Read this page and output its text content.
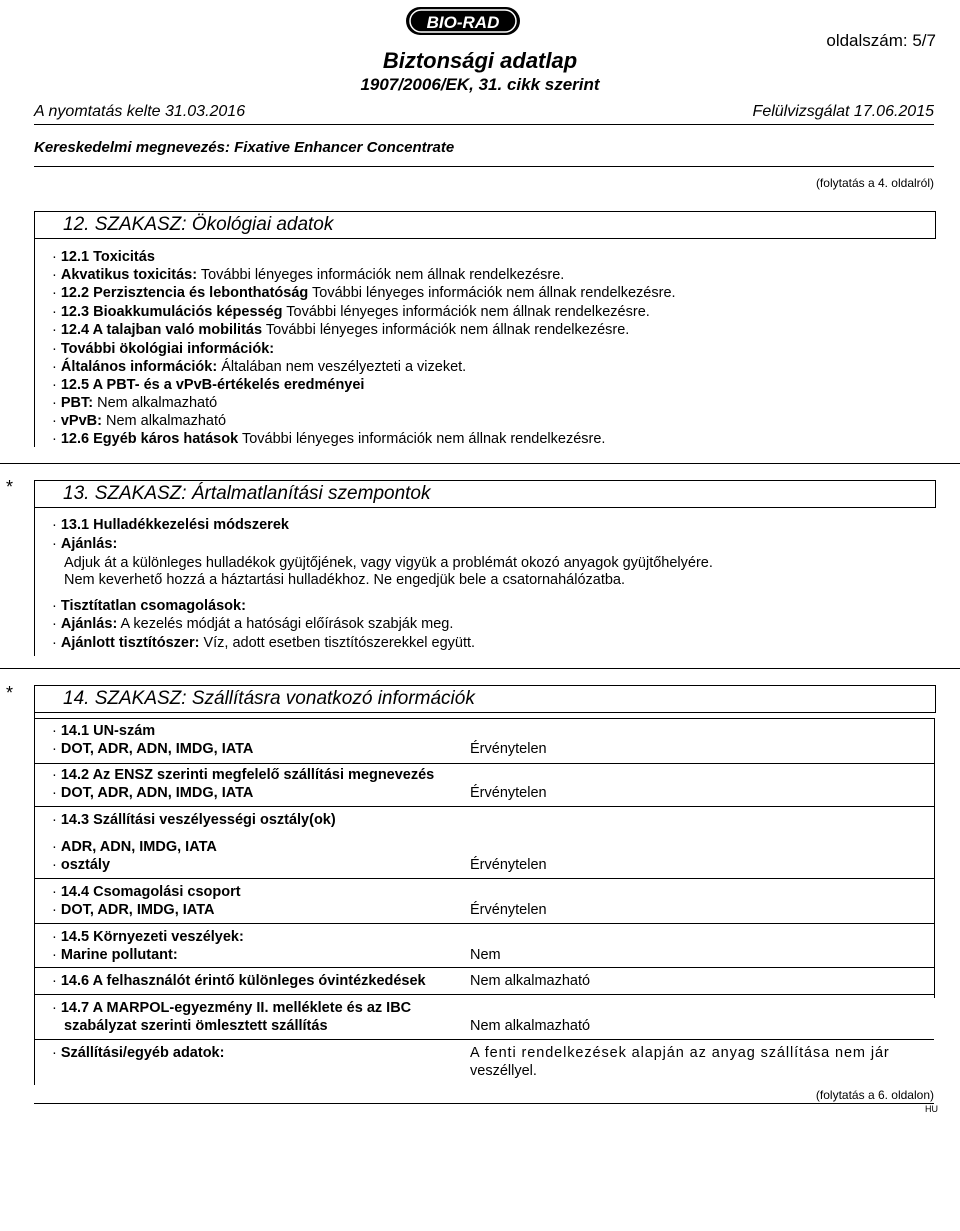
BIO-RAD
oldalszám: 5/7
Biztonsági adatlap
1907/2006/EK, 31. cikk szerint
A nyomtatás kelte 31.03.2016	Felülvizsgálat 17.06.2015
Kereskedelmi megnevezés: Fixative Enhancer Concentrate
(folytatás a 4. oldalról)
12. SZAKASZ: Ökológiai adatok
· 12.1 Toxicitás
· Akvatikus toxicitás: További lényeges információk nem állnak rendelkezésre.
· 12.2 Perzisztencia és lebonthatóság További lényeges információk nem állnak rendelkezésre.
· 12.3 Bioakkumulációs képesség További lényeges információk nem állnak rendelkezésre.
· 12.4 A talajban való mobilitás További lényeges információk nem állnak rendelkezésre.
· További ökológiai információk:
· Általános információk: Általában nem veszélyezteti a vizeket.
· 12.5 A PBT- és a vPvB-értékelés eredményei
· PBT: Nem alkalmazható
· vPvB: Nem alkalmazható
· 12.6 Egyéb káros hatások További lényeges információk nem állnak rendelkezésre.
*	13. SZAKASZ: Ártalmatlanítási szempontok
· 13.1 Hulladékkezelési módszerek
· Ajánlás:
Adjuk át a különleges hulladékok gyüjtőjének, vagy vigyük a problémát okozó anyagok gyüjtőhelyére.
Nem keverhető hozzá a háztartási hulladékhoz. Ne engedjük bele a csatornahálózatba.
· Tisztítatlan csomagolások:
· Ajánlás: A kezelés módját a hatósági előírások szabják meg.
· Ajánlott tisztítószer: Víz, adott esetben tisztítószerekkel együtt.
*	14. SZAKASZ: Szállításra vonatkozó információk
· 14.1 UN-szám
· DOT, ADR, ADN, IMDG, IATA	Érvénytelen
· 14.2 Az ENSZ szerinti megfelelő szállítási megnevezés
· DOT, ADR, ADN, IMDG, IATA	Érvénytelen
· 14.3 Szállítási veszélyességi osztály(ok)
· ADR, ADN, IMDG, IATA
· osztály	Érvénytelen
· 14.4 Csomagolási csoport
· DOT, ADR, IMDG, IATA	Érvénytelen
· 14.5 Környezeti veszélyek:
· Marine pollutant:	Nem
· 14.6 A felhasználót érintő különleges óvintézkedések	Nem alkalmazható
· 14.7 A MARPOL-egyezmény II. melléklete és az IBC
szabályzat szerinti ömlesztett szállítás	Nem alkalmazható
· Szállítási/egyéb adatok:	A fenti rendelkezések alapján az anyag szállítása nem jár
veszéllyel.
(folytatás a 6. oldalon)
HU
